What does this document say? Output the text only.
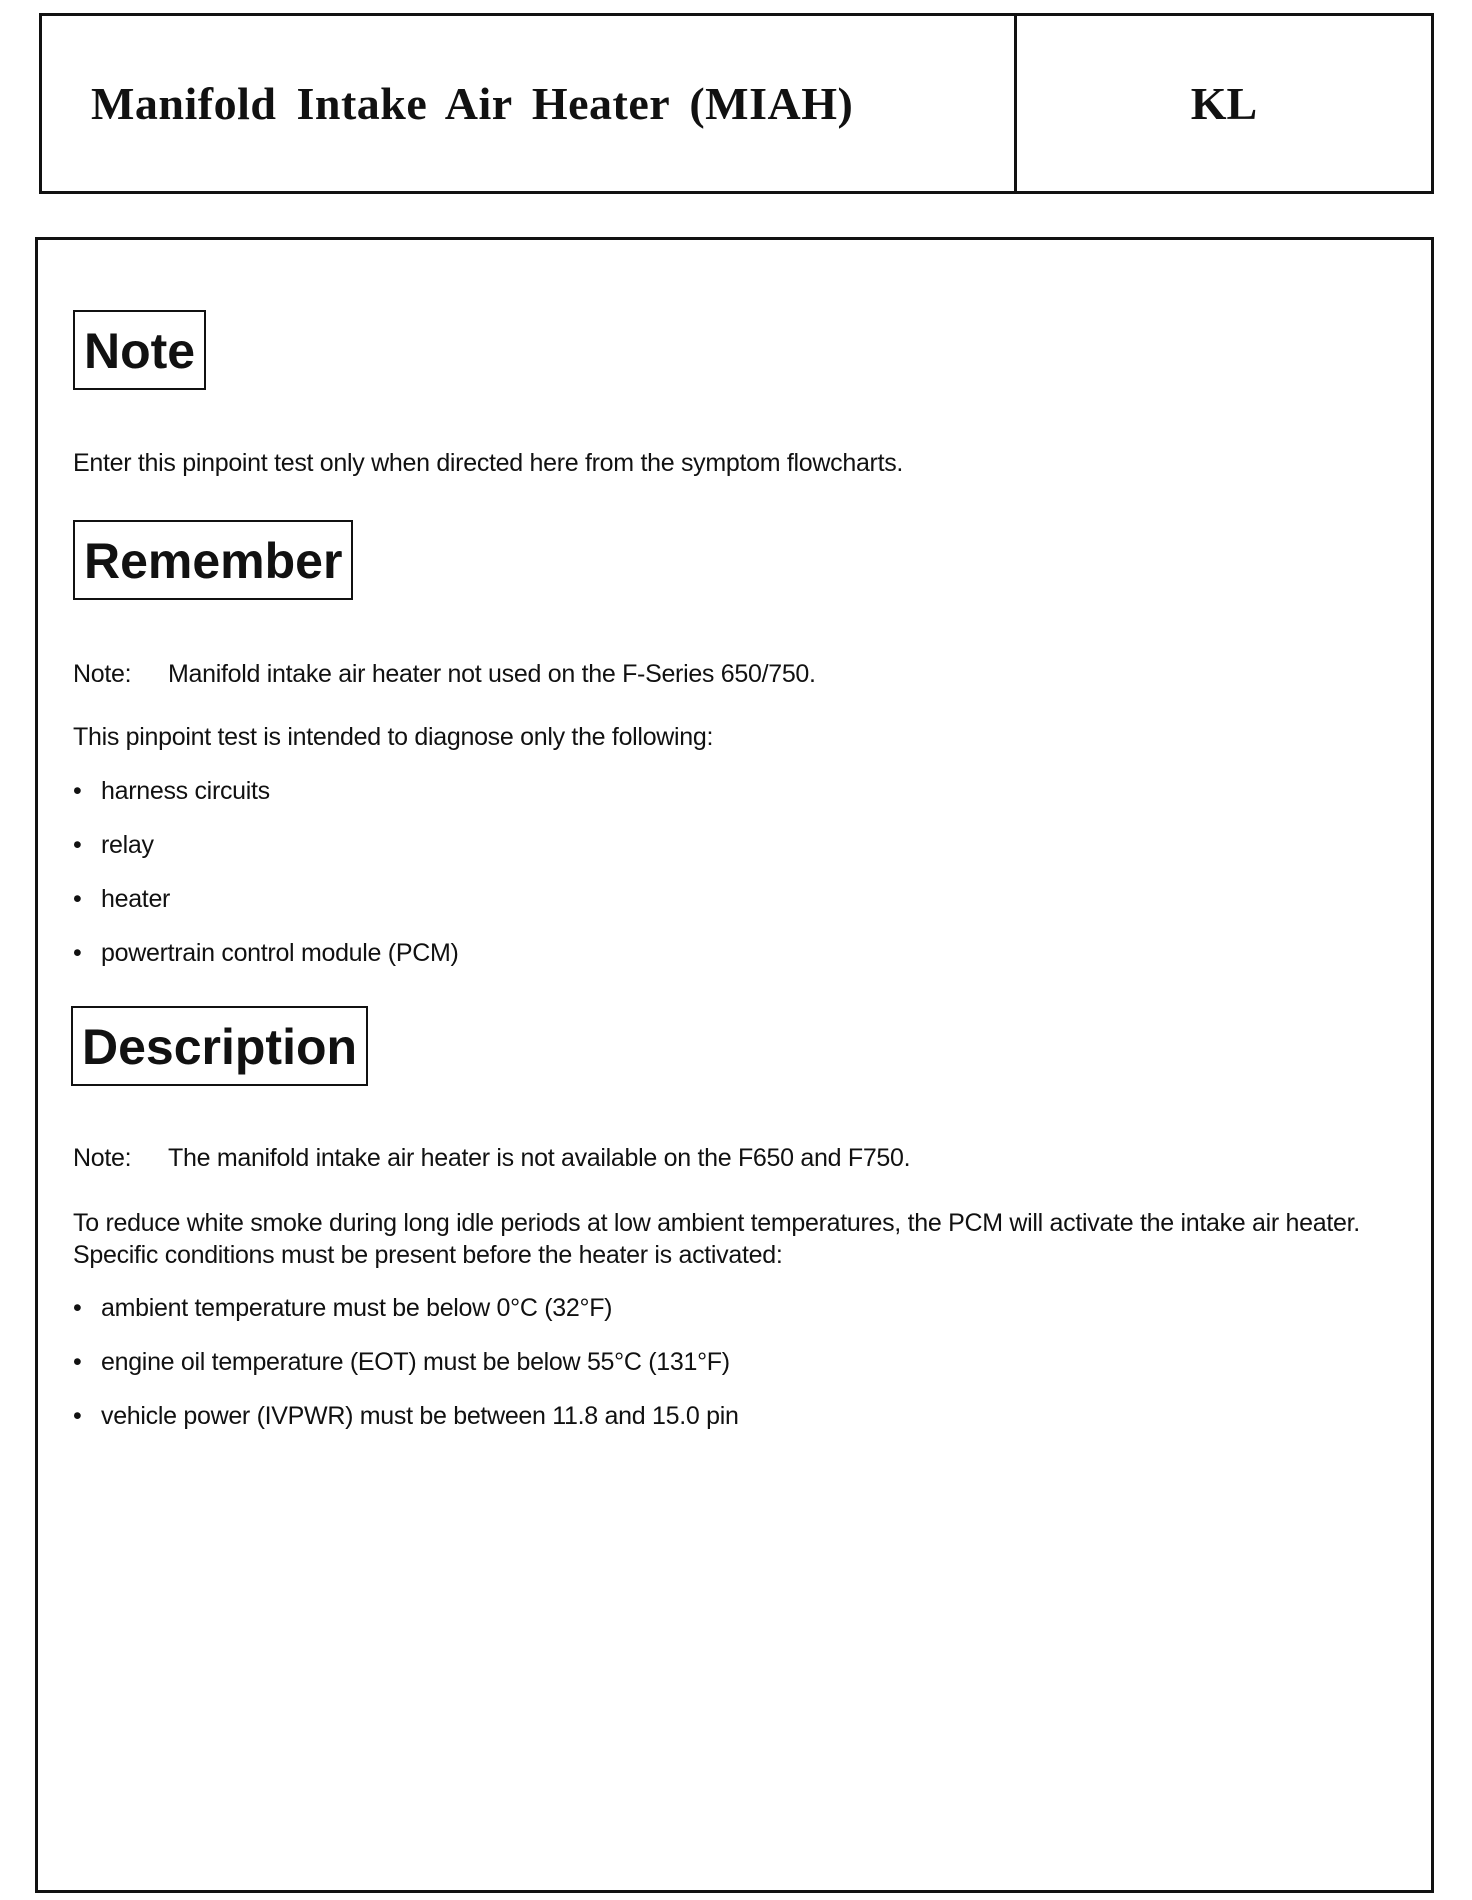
Manifold Intake Air Heater (MIAH)	KL
Note

Enter this pinpoint test only when directed here from the symptom flowcharts.

Remember

Note: Manifold intake air heater not used on the F-Series 650/750.

This pinpoint test is intended to diagnose only the following:

• harness circuits
• relay
• heater
• powertrain control module (PCM)
Description

Note: The manifold intake air heater is not available on the F650 and F750.

To reduce white smoke during long idle periods at low ambient temperatures, the PCM will activate the intake air heater. Specific conditions must be present before the heater is activated:

• ambient temperature must be below 0°C (32°F)
• engine oil temperature (EOT) must be below 55°C (131°F)
• vehicle power (IVPWR) must be between 11.8 and 15.0 pin
